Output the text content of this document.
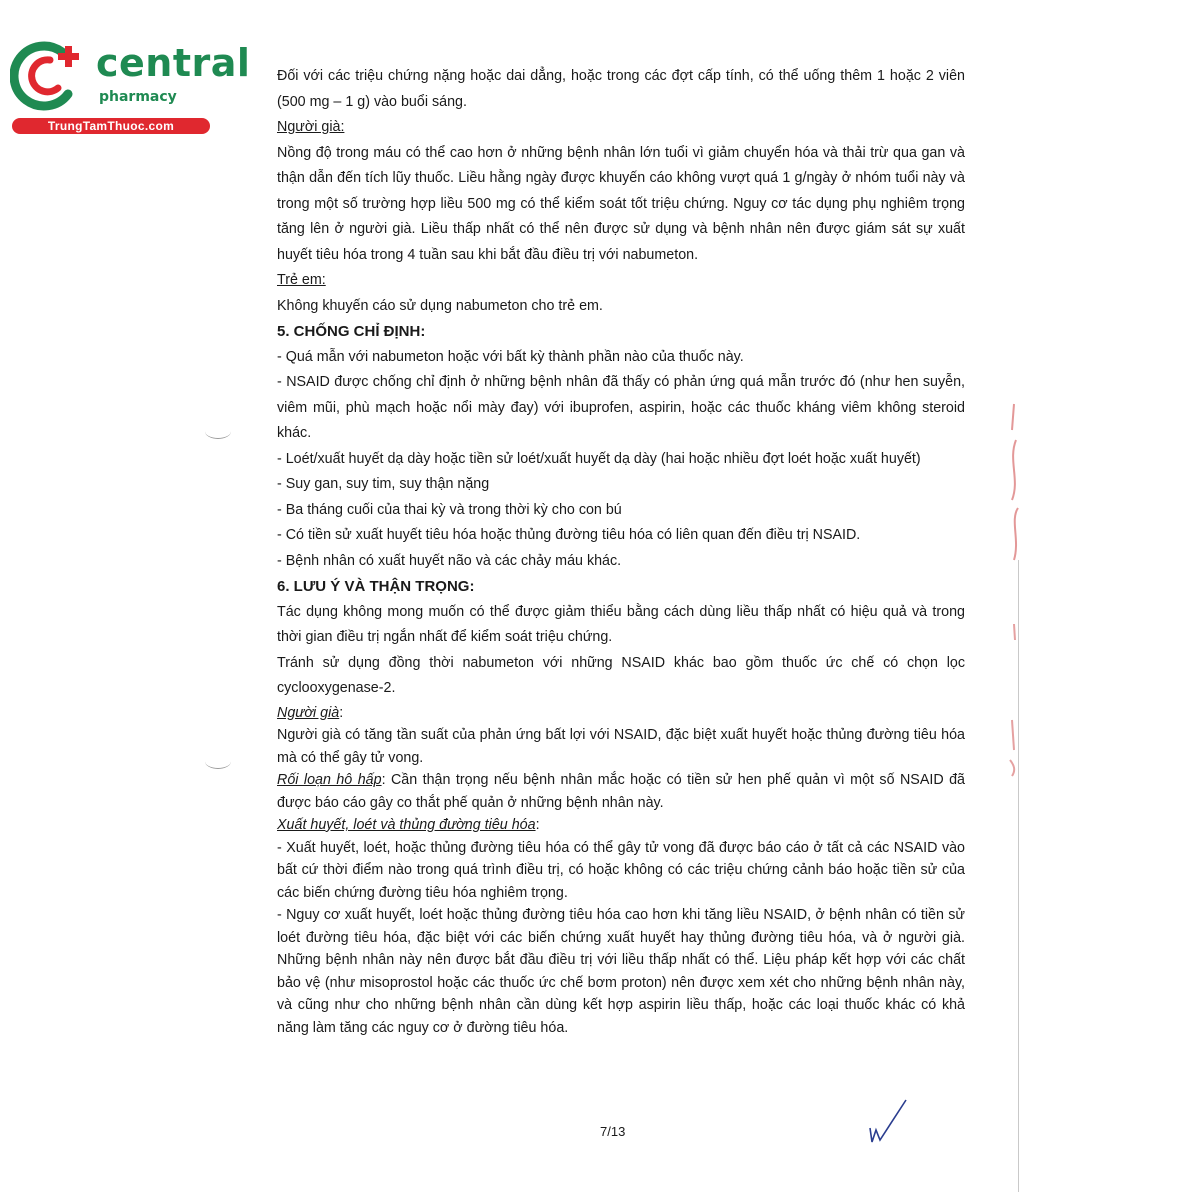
central
pharmacy
TrungTamThuoc.com

Đối với các triệu chứng nặng hoặc dai dẳng, hoặc trong các đợt cấp tính, có thể uống thêm 1 hoặc 2 viên (500 mg – 1 g) vào buổi sáng.

Người già:

Nồng độ trong máu có thể cao hơn ở những bệnh nhân lớn tuổi vì giảm chuyển hóa và thải trừ qua gan và thận dẫn đến tích lũy thuốc. Liều hằng ngày được khuyến cáo không vượt quá 1 g/ngày ở nhóm tuổi này và trong một số trường hợp liều 500 mg có thể kiểm soát tốt triệu chứng. Nguy cơ tác dụng phụ nghiêm trọng tăng lên ở người già. Liều thấp nhất có thể nên được sử dụng và bệnh nhân nên được giám sát sự xuất huyết tiêu hóa trong 4 tuần sau khi bắt đầu điều trị với nabumeton.

Trẻ em:

Không khuyến cáo sử dụng nabumeton cho trẻ em.

5. CHỐNG CHỈ ĐỊNH:

- Quá mẫn với nabumeton hoặc với bất kỳ thành phần nào của thuốc này.

- NSAID được chống chỉ định ở những bệnh nhân đã thấy có phản ứng quá mẫn trước đó (như hen suyễn, viêm mũi, phù mạch hoặc nổi mày đay) với ibuprofen, aspirin, hoặc các thuốc kháng viêm không steroid khác.

- Loét/xuất huyết dạ dày hoặc tiền sử loét/xuất huyết dạ dày (hai hoặc nhiều đợt loét hoặc xuất huyết)

- Suy gan, suy tim, suy thận nặng

- Ba tháng cuối của thai kỳ và trong thời kỳ cho con bú

- Có tiền sử xuất huyết tiêu hóa hoặc thủng đường tiêu hóa có liên quan đến điều trị NSAID.

- Bệnh nhân có xuất huyết não và các chảy máu khác.

6. LƯU Ý VÀ THẬN TRỌNG:

Tác dụng không mong muốn có thể được giảm thiểu bằng cách dùng liều thấp nhất có hiệu quả và trong thời gian điều trị ngắn nhất để kiểm soát triệu chứng.

Tránh sử dụng đồng thời nabumeton với những NSAID khác bao gồm thuốc ức chế có chọn lọc cyclooxygenase-2.

Người già:

Người già có tăng tần suất của phản ứng bất lợi với NSAID, đặc biệt xuất huyết hoặc thủng đường tiêu hóa mà có thể gây tử vong.

Rối loạn hô hấp: Cần thận trọng nếu bệnh nhân mắc hoặc có tiền sử hen phế quản vì một số NSAID đã được báo cáo gây co thắt phế quản ở những bệnh nhân này.

Xuất huyết, loét và thủng đường tiêu hóa:

- Xuất huyết, loét, hoặc thủng đường tiêu hóa có thể gây tử vong đã được báo cáo ở tất cả các NSAID vào bất cứ thời điểm nào trong quá trình điều trị, có hoặc không có các triệu chứng cảnh báo hoặc tiền sử của các biến chứng đường tiêu hóa nghiêm trọng.

- Nguy cơ xuất huyết, loét hoặc thủng đường tiêu hóa cao hơn khi tăng liều NSAID, ở bệnh nhân có tiền sử loét đường tiêu hóa, đặc biệt với các biến chứng xuất huyết hay thủng đường tiêu hóa, và ở người già. Những bệnh nhân này nên được bắt đầu điều trị với liều thấp nhất có thể. Liệu pháp kết hợp với các chất bảo vệ (như misoprostol hoặc các thuốc ức chế bơm proton) nên được xem xét cho những bệnh nhân này, và cũng như cho những bệnh nhân cần dùng kết hợp aspirin liều thấp, hoặc các loại thuốc khác có khả năng làm tăng các nguy cơ ở đường tiêu hóa.

7/13
